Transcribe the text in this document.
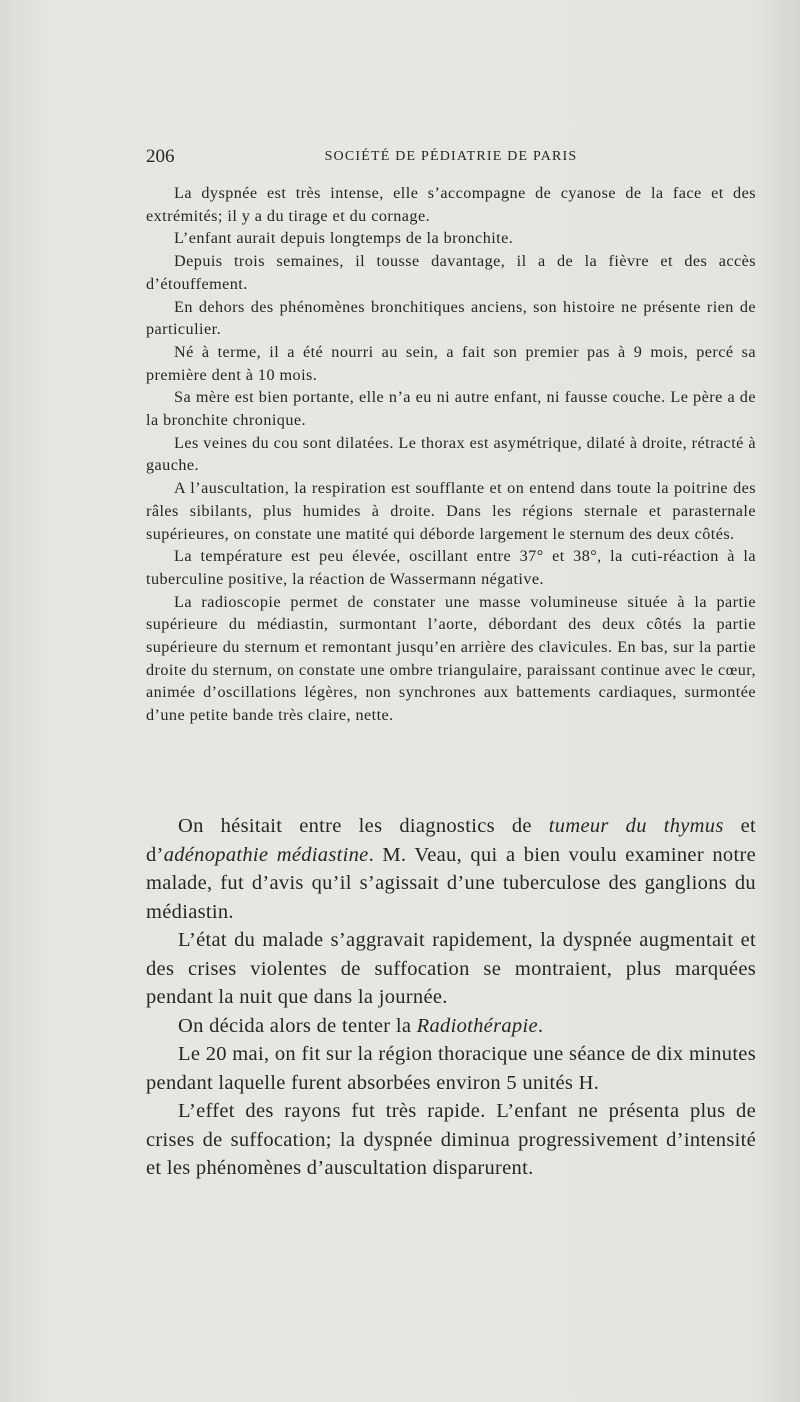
206	SOCIÉTÉ DE PÉDIATRIE DE PARIS

La dyspnée est très intense, elle s’accompagne de cyanose de la face et des extrémités; il y a du tirage et du cornage.

L’enfant aurait depuis longtemps de la bronchite.

Depuis trois semaines, il tousse davantage, il a de la fièvre et des accès d’étouffement.

En dehors des phénomènes bronchitiques anciens, son histoire ne présente rien de particulier.

Né à terme, il a été nourri au sein, a fait son premier pas à 9 mois, percé sa première dent à 10 mois.

Sa mère est bien portante, elle n’a eu ni autre enfant, ni fausse couche. Le père a de la bronchite chronique.

Les veines du cou sont dilatées. Le thorax est asymétrique, dilaté à droite, rétracté à gauche.

A l’auscultation, la respiration est soufflante et on entend dans toute la poitrine des râles sibilants, plus humides à droite. Dans les régions sternale et parasternale supérieures, on constate une matité qui déborde largement le sternum des deux côtés.

La température est peu élevée, oscillant entre 37° et 38°, la cuti-réaction à la tuberculine positive, la réaction de Wassermann négative.

La radioscopie permet de constater une masse volumineuse située à la partie supérieure du médiastin, surmontant l’aorte, débordant des deux côtés la partie supérieure du sternum et remontant jusqu’en arrière des clavicules. En bas, sur la partie droite du sternum, on constate une ombre triangulaire, paraissant continue avec le cœur, animée d’oscillations légères, non synchrones aux battements cardiaques, surmontée d’une petite bande très claire, nette.

On hésitait entre les diagnostics de tumeur du thymus et d’adénopathie médiastine. M. Veau, qui a bien voulu examiner notre malade, fut d’avis qu’il s’agissait d’une tuberculose des ganglions du médiastin.

L’état du malade s’aggravait rapidement, la dyspnée augmentait et des crises violentes de suffocation se montraient, plus marquées pendant la nuit que dans la journée.

On décida alors de tenter la Radiothérapie.

Le 20 mai, on fit sur la région thoracique une séance de dix minutes pendant laquelle furent absorbées environ 5 unités H.

L’effet des rayons fut très rapide. L’enfant ne présenta plus de crises de suffocation; la dyspnée diminua progressivement d’intensité et les phénomènes d’auscultation disparurent.
